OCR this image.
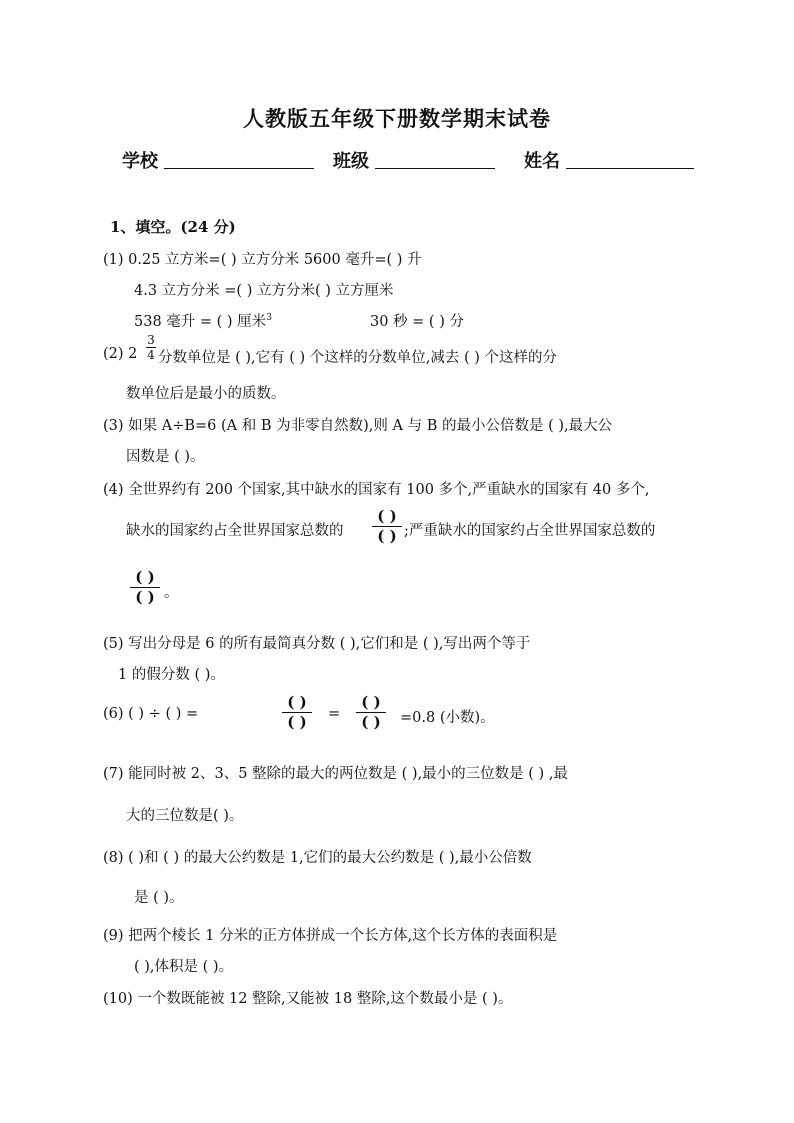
人教版五年级下册数学期末试卷
学校	班级	姓名
1、填空。(24 分)
(1) 0.25 立方米=( ) 立方分米 5600 毫升=( ) 升
4.3 立方分米 =( ) 立方分米( ) 立方厘米
538 毫升 = ( ) 厘米$^3$	30 秒 = ( ) 分
(2) 2
3
4 分数单位是 ( ),它有 ( ) 个这样的分数单位,减去 ( ) 个这样的分
数单位后是最小的质数。
(3) 如果 A÷B=6 (A 和 B 为非零自然数),则 A 与 B 的最小公倍数是 ( ),最大公
因数是 ( )。
(4) 全世界约有 200 个国家,其中缺水的国家有 100 多个,严重缺水的国家有 40 多个,
缺水的国家约占全世界国家总数的
( )
( ) ;严重缺水的国家约占全世界国家总数的
( )
( ) 。
(5) 写出分母是 6 的所有最简真分数 ( ),它们和是 ( ),写出两个等于
1 的假分数 ( )。
(6) ( ) ÷ ( ) =
( )
( )	=
( )
( )	=0.8 (小数)。
(7) 能同时被 2、3、5 整除的最大的两位数是 ( ),最小的三位数是 ( ) ,最
大的三位数是( )。
(8) ( )和 ( ) 的最大公约数是 1,它们的最大公约数是 ( ),最小公倍数
是 ( )。
(9) 把两个棱长 1 分米的正方体拼成一个长方体,这个长方体的表面积是
( ),体积是 ( )。
(10) 一个数既能被 12 整除,又能被 18 整除,这个数最小是 ( )。
